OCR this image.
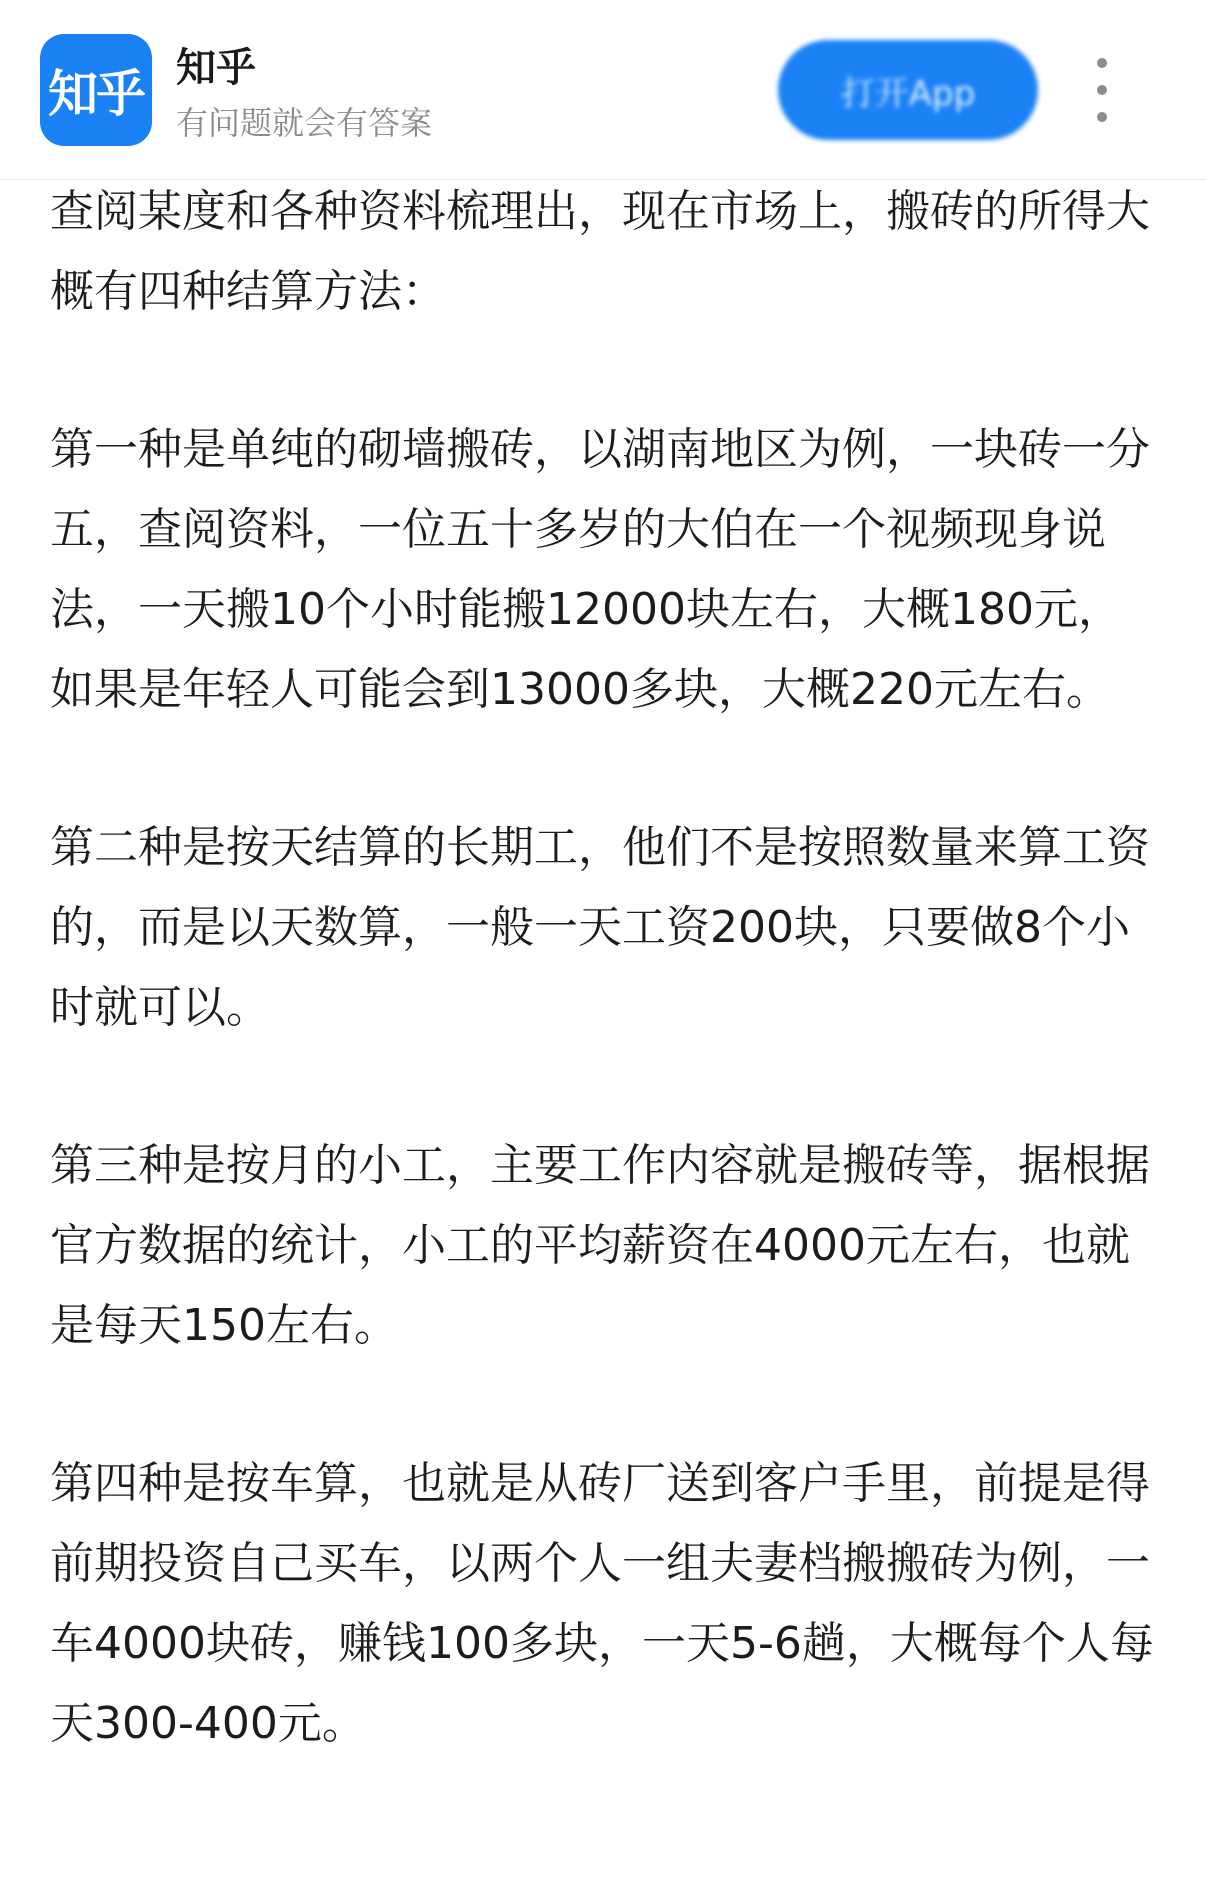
知乎 知乎
有问题就会有答案
打开App

查阅某度和各种资料梳理出，现在市场上，搬砖的所得大概有四种结算方法：

第一种是单纯的砌墙搬砖，以湖南地区为例，一块砖一分五，查阅资料，一位五十多岁的大伯在一个视频现身说法，一天搬10个小时能搬12000块左右，大概180元，如果是年轻人可能会到13000多块，大概220元左右。

第二种是按天结算的长期工，他们不是按照数量来算工资的，而是以天数算，一般一天工资200块，只要做8个小时就可以。

第三种是按月的小工，主要工作内容就是搬砖等，据根据官方数据的统计，小工的平均薪资在4000元左右，也就是每天150左右。

第四种是按车算，也就是从砖厂送到客户手里，前提是得前期投资自己买车，以两个人一组夫妻档搬搬砖为例，一车4000块砖，赚钱100多块，一天5-6趟，大概每个人每天300-400元。
